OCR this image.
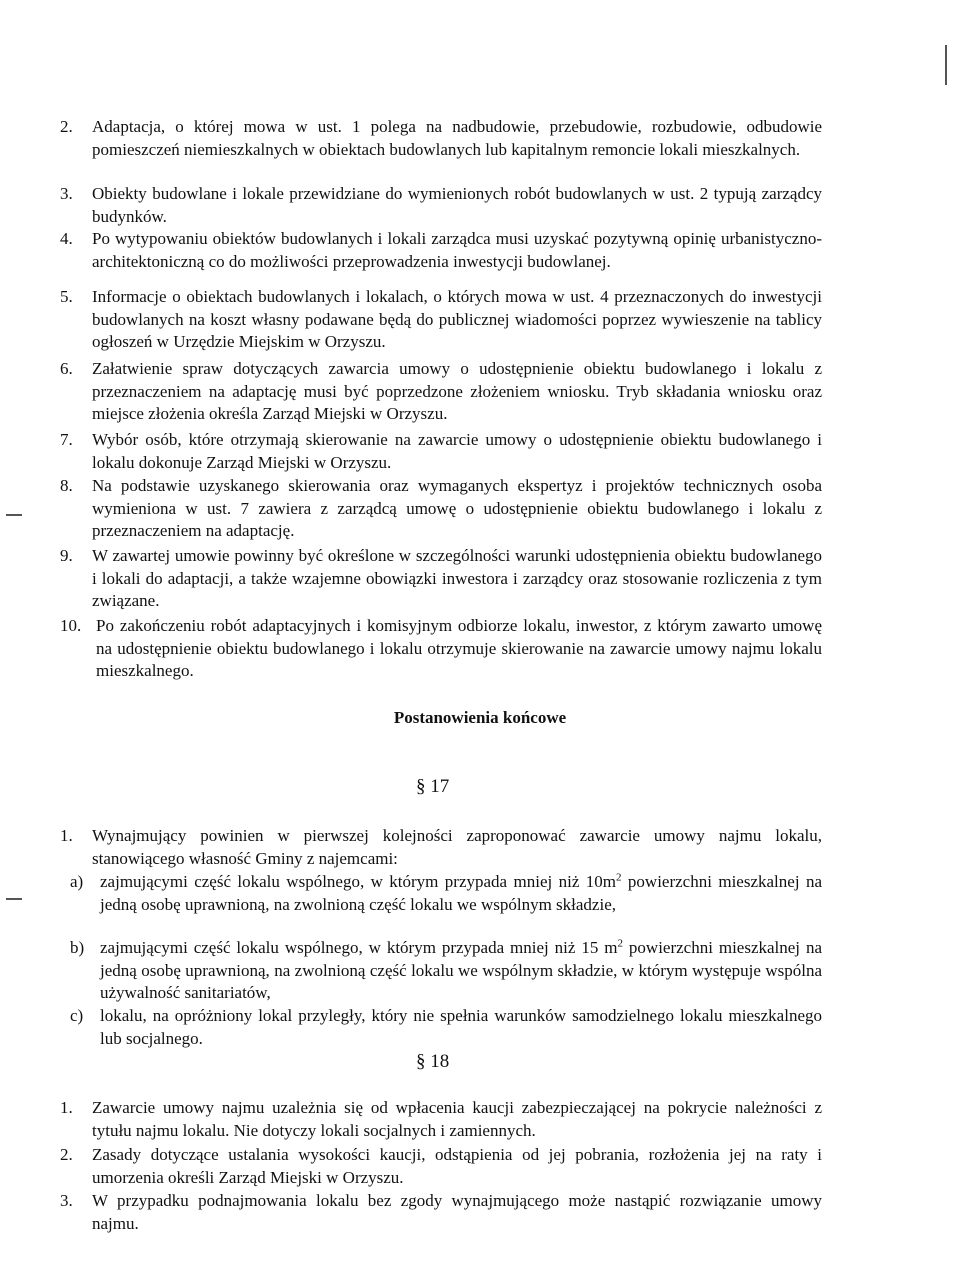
2. Adaptacja, o której mowa w ust. 1 polega na nadbudowie, przebudowie, rozbudowie, odbudowie pomieszczeń niemieszkalnych w obiektach budowlanych lub kapitalnym remoncie lokali mieszkalnych.
3. Obiekty budowlane i lokale przewidziane do wymienionych robót budowlanych w ust. 2 typują zarządcy budynków.
4. Po wytypowaniu obiektów budowlanych i lokali zarządca musi uzyskać pozytywną opinię urbanistyczno-architektoniczną co do możliwości przeprowadzenia inwestycji budowlanej.
5. Informacje o obiektach budowlanych i lokalach, o których mowa w ust. 4 przeznaczonych do inwestycji budowlanych na koszt własny podawane będą do publicznej wiadomości poprzez wywieszenie na tablicy ogłoszeń w Urzędzie Miejskim w Orzyszu.
6. Załatwienie spraw dotyczących zawarcia umowy o udostępnienie obiektu budowlanego i lokalu z przeznaczeniem na adaptację musi być poprzedzone złożeniem wniosku. Tryb składania wniosku oraz miejsce złożenia określa Zarząd Miejski w Orzyszu.
7. Wybór osób, które otrzymają skierowanie na zawarcie umowy o udostępnienie obiektu budowlanego i lokalu dokonuje Zarząd Miejski w Orzyszu.
8. Na podstawie uzyskanego skierowania oraz wymaganych ekspertyz i projektów technicznych osoba wymieniona w ust. 7 zawiera z zarządcą umowę o udostępnienie obiektu budowlanego i lokalu z przeznaczeniem na adaptację.
9. W zawartej umowie powinny być określone w szczególności warunki udostępnienia obiektu budowlanego i lokali do adaptacji, a także wzajemne obowiązki inwestora i zarządcy oraz stosowanie rozliczenia z tym związane.
10. Po zakończeniu robót adaptacyjnych i komisyjnym odbiorze lokalu, inwestor, z którym zawarto umowę na udostępnienie obiektu budowlanego i lokalu otrzymuje skierowanie na zawarcie umowy najmu lokalu mieszkalnego.
Postanowienia końcowe
§ 17
1. Wynajmujący powinien w pierwszej kolejności zaproponować zawarcie umowy najmu lokalu, stanowiącego własność Gminy z najemcami:
a) zajmującymi część lokalu wspólnego, w którym przypada mniej niż $10m^2$ powierzchni mieszkalnej na jedną osobę uprawnioną, na zwolnioną część lokalu we wspólnym składzie,
b) zajmującymi część lokalu wspólnego, w którym przypada mniej niż 15 $m^2$ powierzchni mieszkalnej na jedną osobę uprawnioną, na zwolnioną część lokalu we wspólnym składzie, w którym występuje wspólna używalność sanitariatów,
c) lokalu, na opróżniony lokal przyległy, który nie spełnia warunków samodzielnego lokalu mieszkalnego lub socjalnego.
§ 18
1. Zawarcie umowy najmu uzależnia się od wpłacenia kaucji zabezpieczającej na pokrycie należności z tytułu najmu lokalu. Nie dotyczy lokali socjalnych i zamiennych.
2. Zasady dotyczące ustalania wysokości kaucji, odstąpienia od jej pobrania, rozłożenia jej na raty i umorzenia określi Zarząd Miejski w Orzyszu.
3. W przypadku podnajmowania lokalu bez zgody wynajmującego może nastąpić rozwiązanie umowy najmu.
